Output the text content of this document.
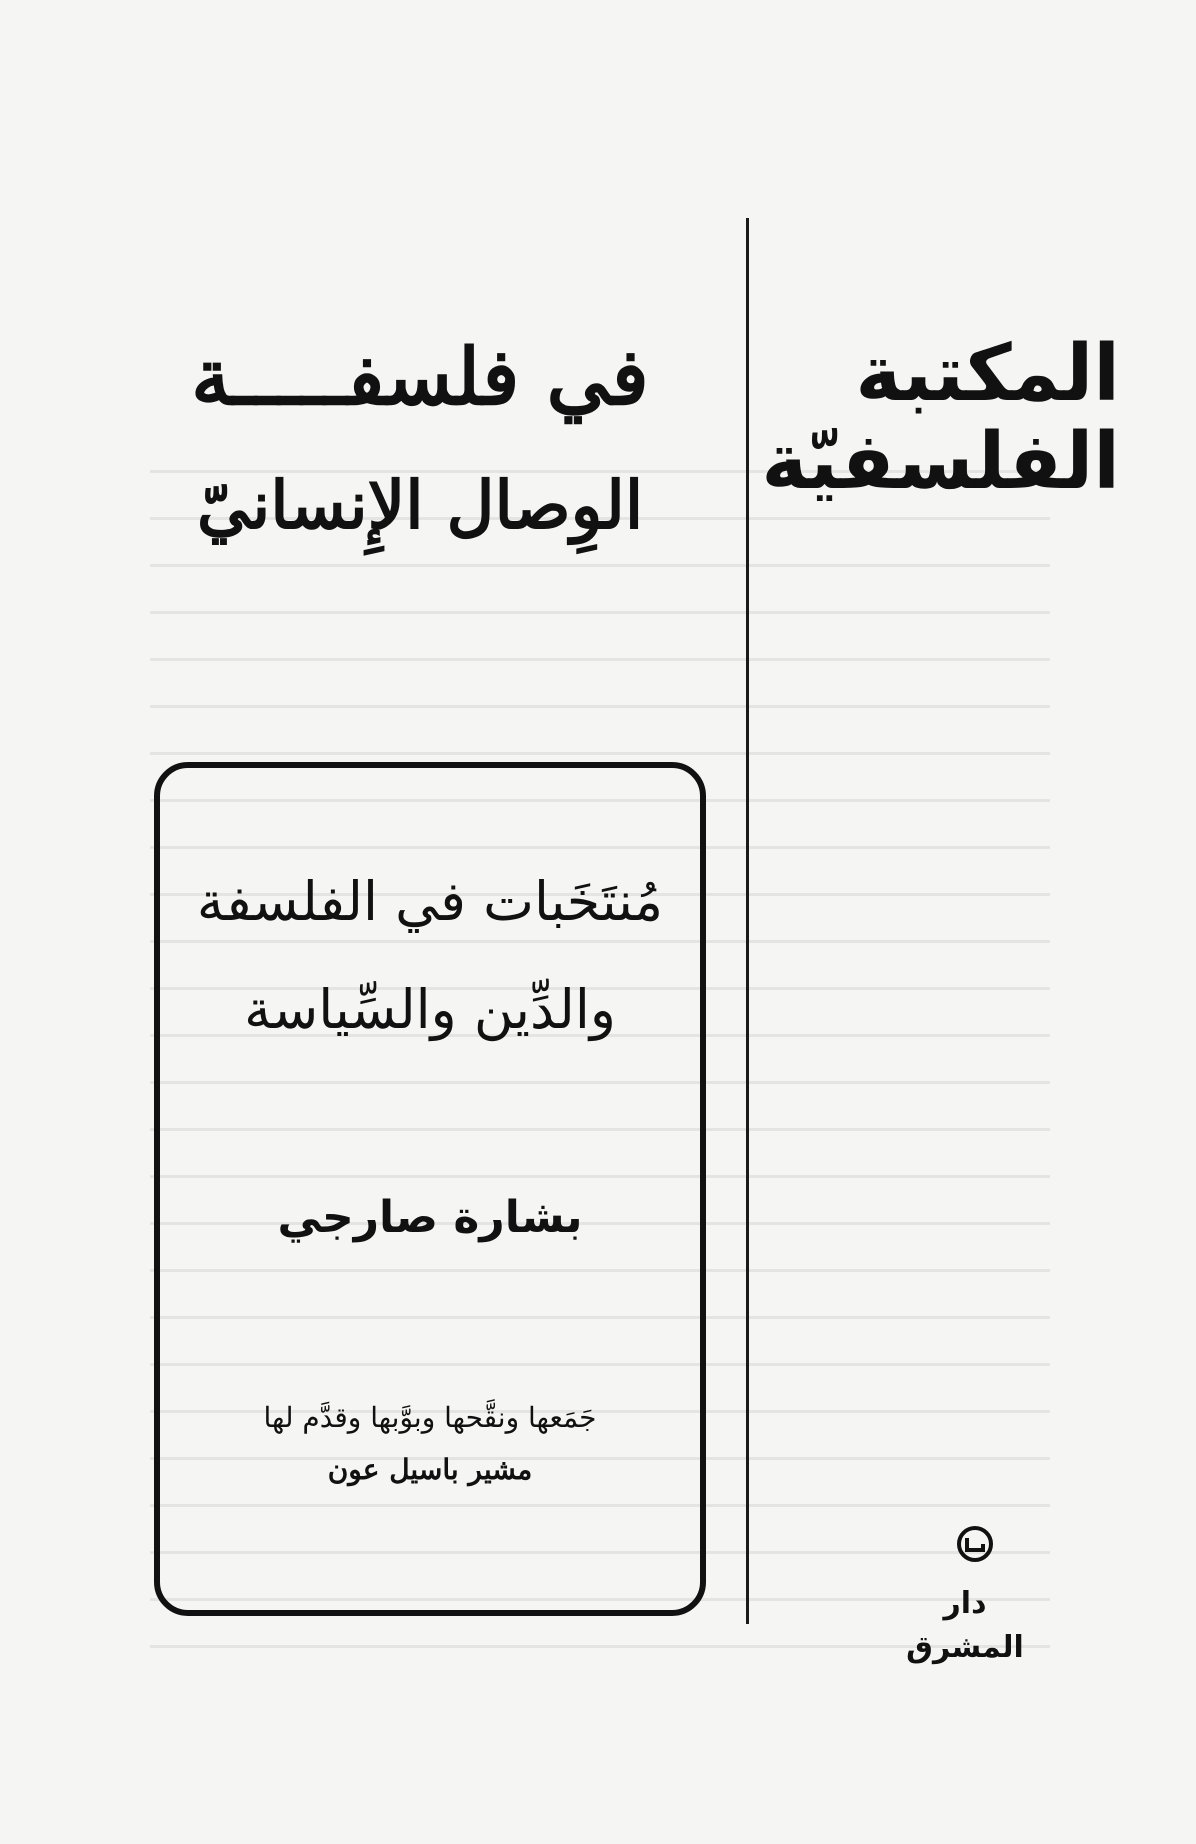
المكتبة
الفلسفيّة
في فلسفـــــة
الوِصال الإِنسانيّ
مُنتَخَبات في الفلسفة
والدِّين والسِّياسة
بشارة صارجي
جَمَعها ونقَّحها وبوَّبها وقدَّم لها
مشير باسيل عون
دار المشرق
